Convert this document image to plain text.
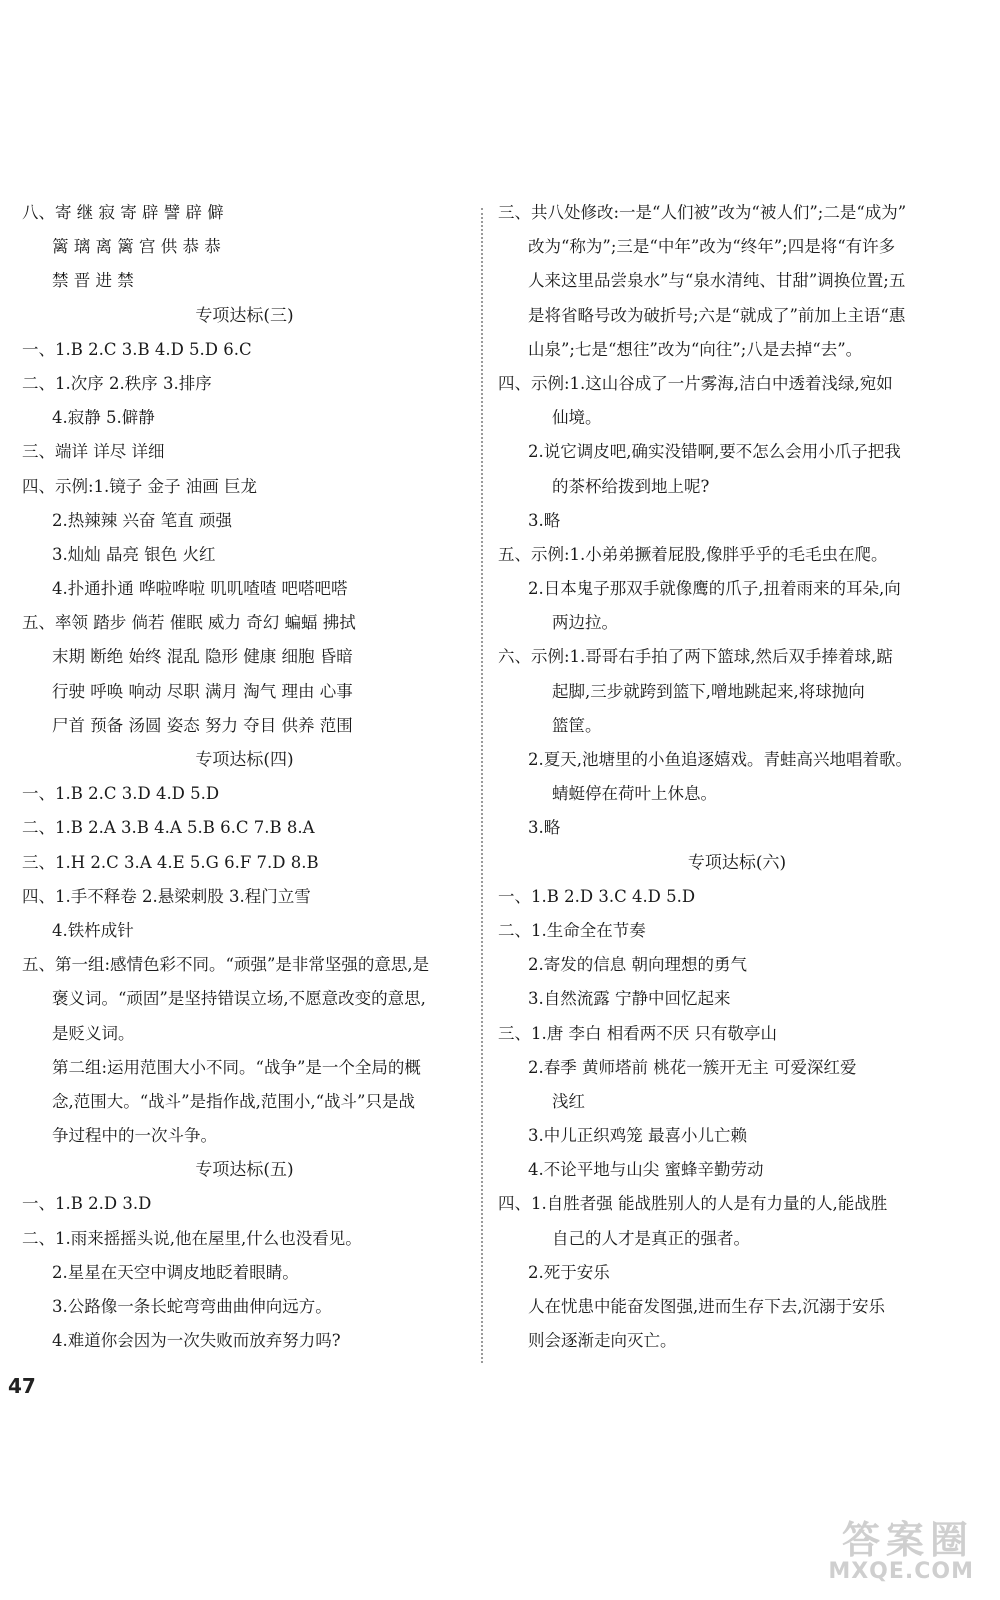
八、寄 继 寂 寄 辟 譬 辟 僻
篱 璃 离 篱 宫 供 恭 恭
禁 晋 进 禁
专项达标(三)
一、1.B 2.C 3.B 4.D 5.D 6.C
二、1.次序 2.秩序 3.排序
4.寂静 5.僻静
三、端详 详尽 详细
四、示例:1.镜子 金子 油画 巨龙
2.热辣辣 兴奋 笔直 顽强
3.灿灿 晶亮 银色 火红
4.扑通扑通 哗啦哗啦 叽叽喳喳 吧嗒吧嗒
五、率领 踏步 倘若 催眠 威力 奇幻 蝙蝠 拂拭
末期 断绝 始终 混乱 隐形 健康 细胞 昏暗
行驶 呼唤 响动 尽职 满月 淘气 理由 心事
尸首 预备 汤圆 姿态 努力 夺目 供养 范围
专项达标(四)
一、1.B 2.C 3.D 4.D 5.D
二、1.B 2.A 3.B 4.A 5.B 6.C 7.B 8.A
三、1.H 2.C 3.A 4.E 5.G 6.F 7.D 8.B
四、1.手不释卷 2.悬梁刺股 3.程门立雪
4.铁杵成针
五、第一组:感情色彩不同。“顽强”是非常坚强的意思,是
褒义词。“顽固”是坚持错误立场,不愿意改变的意思,
是贬义词。
第二组:运用范围大小不同。“战争”是一个全局的概
念,范围大。“战斗”是指作战,范围小,“战斗”只是战
争过程中的一次斗争。
专项达标(五)
一、1.B 2.D 3.D
二、1.雨来摇摇头说,他在屋里,什么也没看见。
2.星星在天空中调皮地眨着眼睛。
3.公路像一条长蛇弯弯曲曲伸向远方。
4.难道你会因为一次失败而放弃努力吗?
三、共八处修改:一是“人们被”改为“被人们”;二是“成为”
改为“称为”;三是“中年”改为“终年”;四是将“有许多
人来这里品尝泉水”与“泉水清纯、甘甜”调换位置;五
是将省略号改为破折号;六是“就成了”前加上主语“惠
山泉”;七是“想往”改为“向往”;八是去掉“去”。
四、示例:1.这山谷成了一片雾海,洁白中透着浅绿,宛如
仙境。
2.说它调皮吧,确实没错啊,要不怎么会用小爪子把我
的茶杯给拨到地上呢?
3.略
五、示例:1.小弟弟撅着屁股,像胖乎乎的毛毛虫在爬。
2.日本鬼子那双手就像鹰的爪子,扭着雨来的耳朵,向
两边拉。
六、示例:1.哥哥右手拍了两下篮球,然后双手捧着球,踮
起脚,三步就跨到篮下,噌地跳起来,将球抛向
篮筐。
2.夏天,池塘里的小鱼追逐嬉戏。青蛙高兴地唱着歌。
蜻蜓停在荷叶上休息。
3.略
专项达标(六)
一、1.B 2.D 3.C 4.D 5.D
二、1.生命全在节奏
2.寄发的信息 朝向理想的勇气
3.自然流露 宁静中回忆起来
三、1.唐 李白 相看两不厌 只有敬亭山
2.春季 黄师塔前 桃花一簇开无主 可爱深红爱
浅红
3.中儿正织鸡笼 最喜小儿亡赖
4.不论平地与山尖 蜜蜂辛勤劳动
四、1.自胜者强 能战胜别人的人是有力量的人,能战胜
自己的人才是真正的强者。
2.死于安乐
人在忧患中能奋发图强,进而生存下去,沉溺于安乐
则会逐渐走向灭亡。
47
答案圈
MXQE.COM
